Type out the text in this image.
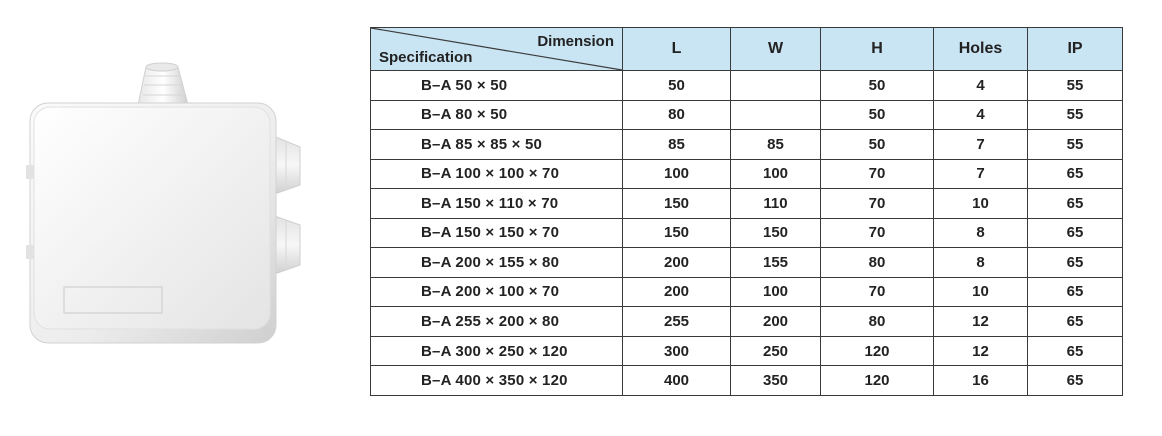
Dimension
Specification	L	W	H	Holes	IP
B–A 50 × 50	50		50	4	55
B–A 80 × 50	80		50	4	55
B–A 85 × 85 × 50	85	85	50	7	55
B–A 100 × 100 × 70	100	100	70	7	65
B–A 150 × 110 × 70	150	110	70	10	65
B–A 150 × 150 × 70	150	150	70	8	65
B–A 200 × 155 × 80	200	155	80	8	65
B–A 200 × 100 × 70	200	100	70	10	65
B–A 255 × 200 × 80	255	200	80	12	65
B–A 300 × 250 × 120	300	250	120	12	65
B–A 400 × 350 × 120	400	350	120	16	65
